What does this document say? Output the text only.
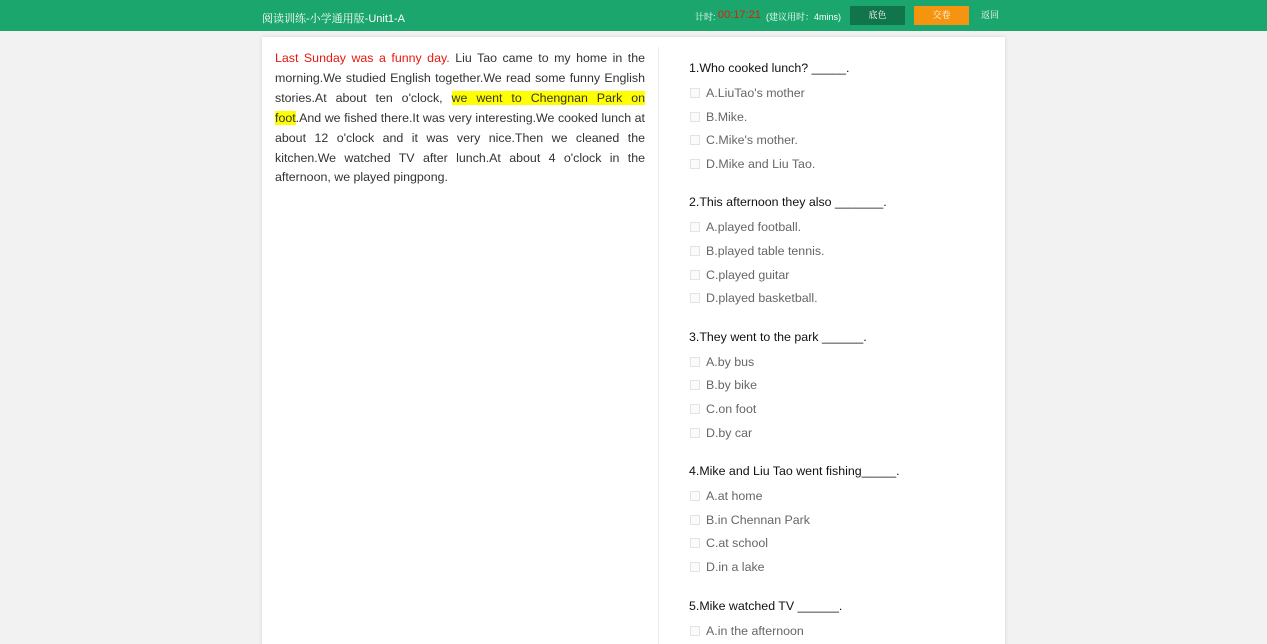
阅读训练-小学通用版-Unit1-A	计时: 00:17:21 (建议用时：4mins)	底色	交卷	返回
Last Sunday was a funny day. Liu Tao came to my home in the morning.We studied English together.We read some funny English stories.At about ten o'clock, we went to Chengnan Park on foot.And we fished there.It was very interesting.We cooked lunch at about 12 o'clock and it was very nice.Then we cleaned the kitchen.We watched TV after lunch.At about 4 o'clock in the afternoon, we played pingpong.
1.Who cooked lunch? _____.
A.LiuTao's mother
B.Mike.
C.Mike's mother.
D.Mike and Liu Tao.
2.This afternoon they also _______.
A.played football.
B.played table tennis.
C.played guitar
D.played basketball.
3.They went to the park ______.
A.by bus
B.by bike
C.on foot
D.by car
4.Mike and Liu Tao went fishing_____.
A.at home
B.in Chennan Park
C.at school
D.in a lake
5.Mike watched TV ______.
A.in the afternoon
